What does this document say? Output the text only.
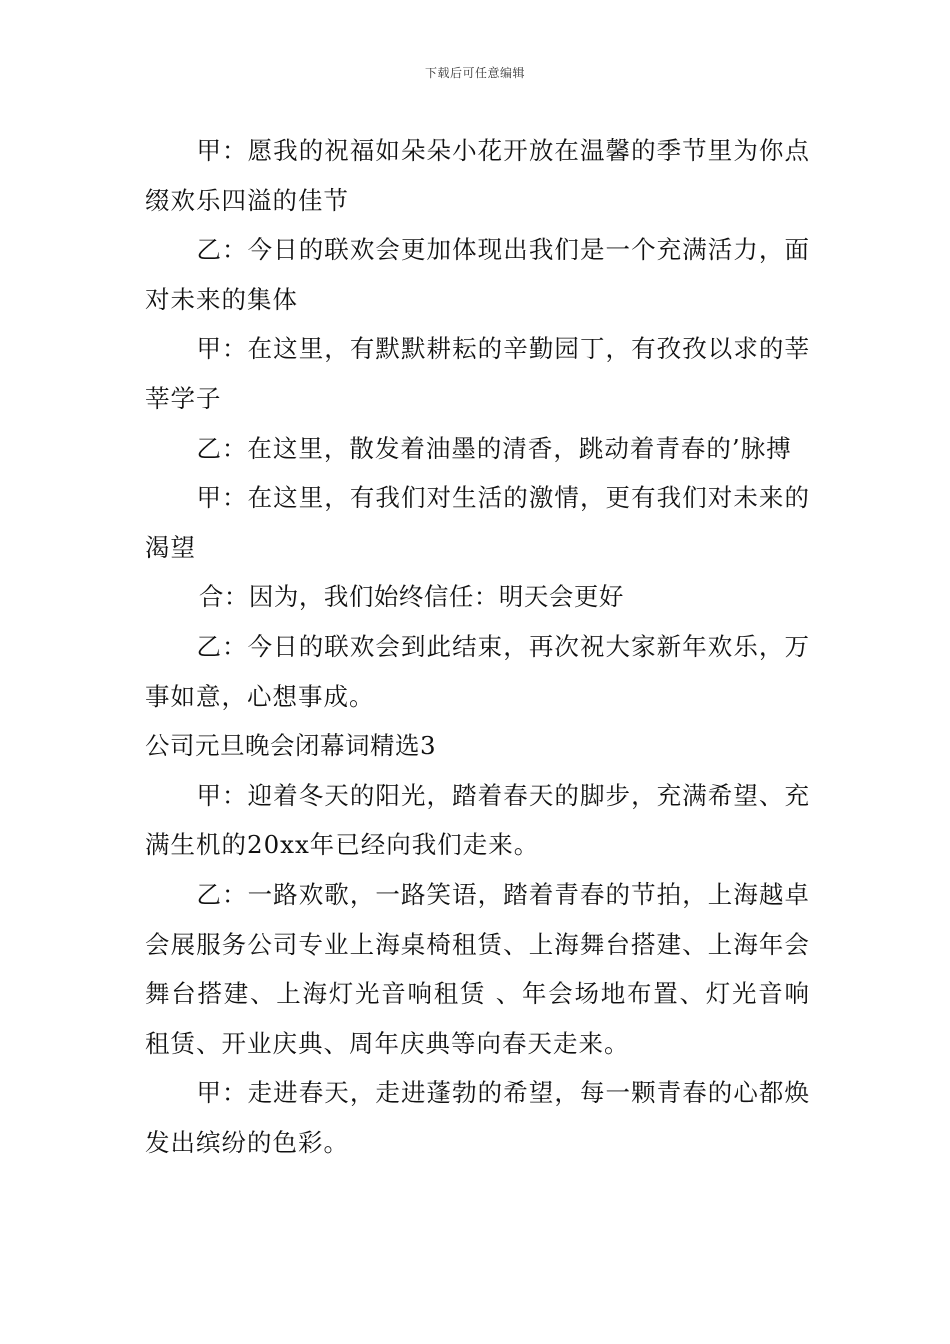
下载后可任意编辑

甲：愿我的祝福如朵朵小花开放在温馨的季节里为你点缀欢乐四溢的佳节

乙：今日的联欢会更加体现出我们是一个充满活力，面对未来的集体

甲：在这里，有默默耕耘的辛勤园丁，有孜孜以求的莘莘学子

乙：在这里，散发着油墨的清香，跳动着青春的’脉搏

甲：在这里，有我们对生活的激情，更有我们对未来的渴望

合：因为，我们始终信任：明天会更好

乙：今日的联欢会到此结束，再次祝大家新年欢乐，万事如意，心想事成。

公司元旦晚会闭幕词精选3

甲：迎着冬天的阳光，踏着春天的脚步，充满希望、充满生机的20xx年已经向我们走来。

乙：一路欢歌，一路笑语，踏着青春的节拍，上海越卓会展服务公司专业上海桌椅租赁、上海舞台搭建、上海年会舞台搭建、上海灯光音响租赁 、年会场地布置、灯光音响租赁、开业庆典、周年庆典等向春天走来。

甲：走进春天，走进蓬勃的希望，每一颗青春的心都焕发出缤纷的色彩。
